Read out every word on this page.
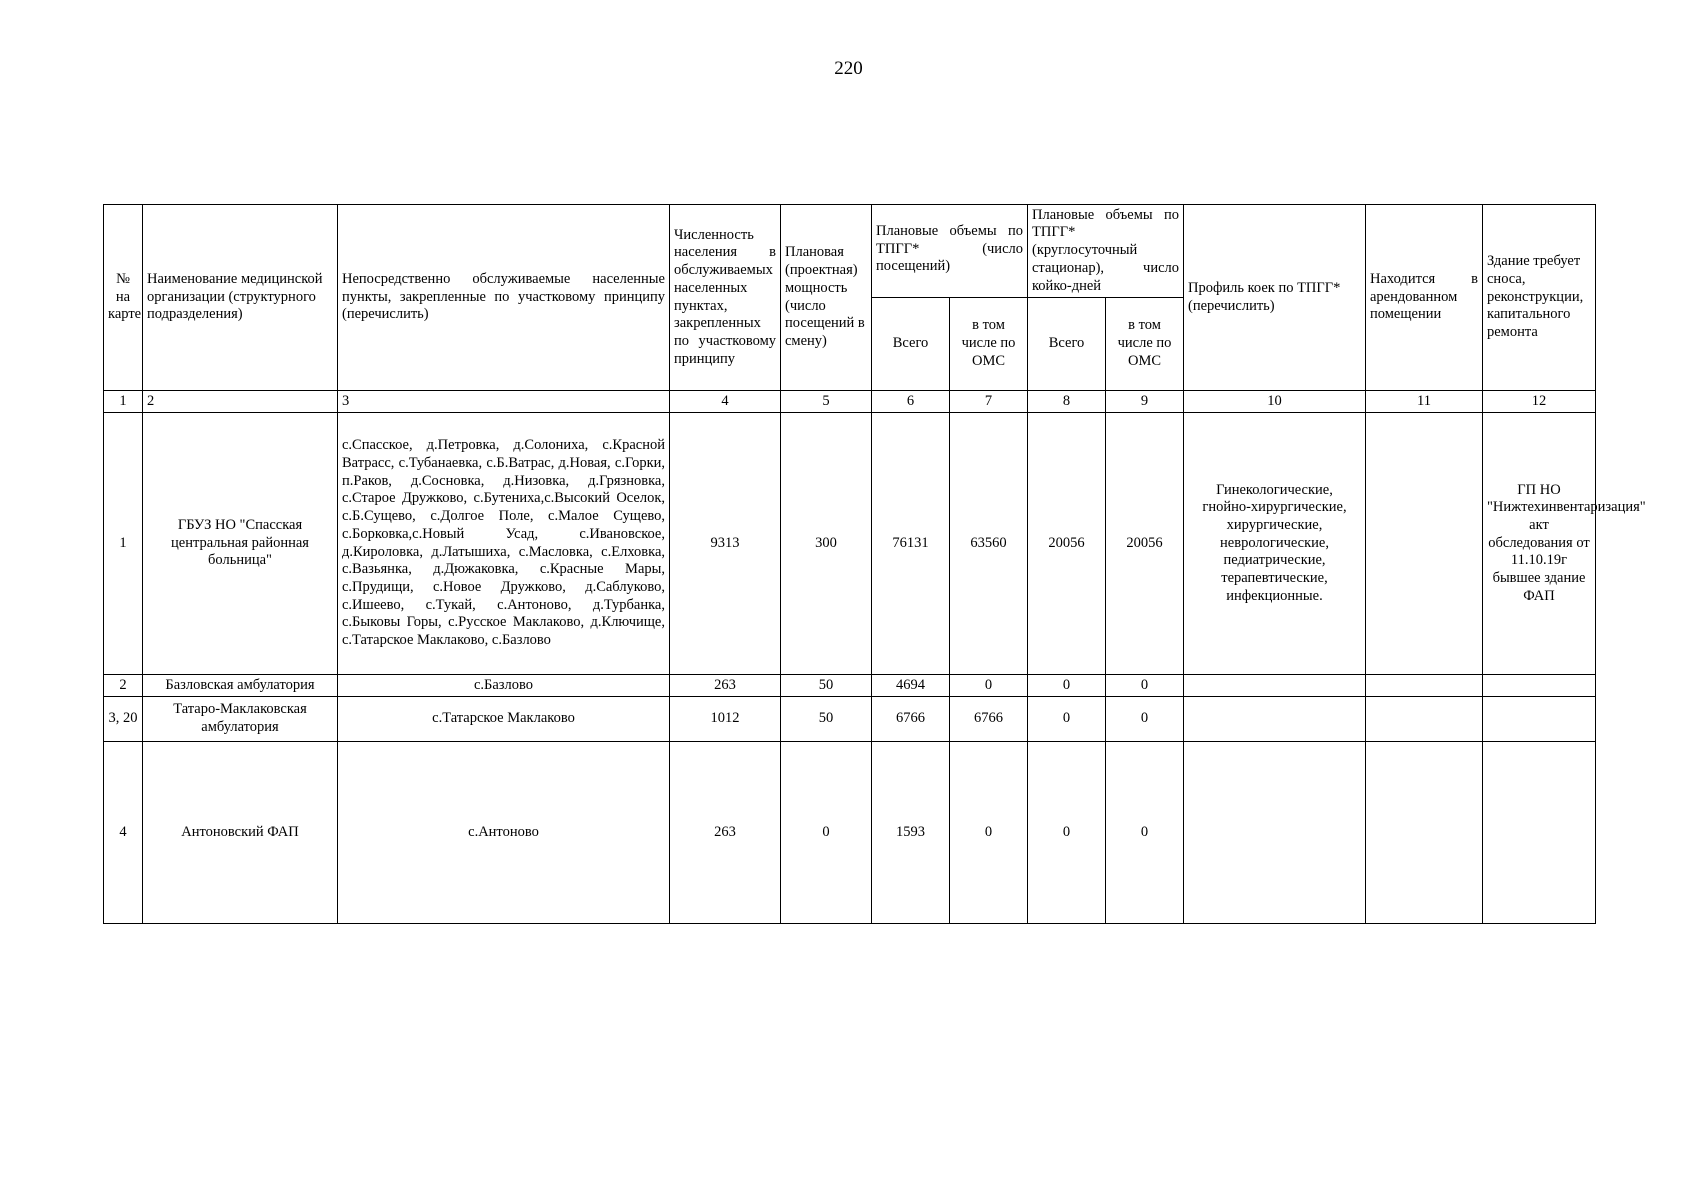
220
№ на карте	Наименование медицинской организации (структурного подразделения)	Непосредственно обслуживаемые населенные пункты, закрепленные по участковому принципу (перечислить)	Численность населения в обслуживаемых населенных пунктах, закрепленных по участковому принципу	Плановая (проектная) мощность (число посещений в смену)	Плановые объемы по ТПГГ* (число посещений)		Плановые объемы по ТПГГ* (круглосуточный стационар), число койко-дней		Профиль коек по ТПГГ* (перечислить)	Находится в арендованном помещении	Здание требует сноса, реконструкции, капитального ремонта
					Всего	в том числе по ОМС	Всего	в том числе по ОМС			
1	2	3	4	5	6	7	8	9	10	11	12
1	ГБУЗ НО "Спасская центральная районная больница"	с.Спасское, д.Петровка, д.Солониха, с.Красной Ватрасс, с.Тубанаевка, с.Б.Ватрас, д.Новая, с.Горки, п.Раков, д.Сосновка, д.Низовка, д.Грязновка, с.Старое Дружково, с.Бутениха,с.Высокий Оселок, с.Б.Сущево, с.Долгое Поле, с.Малое Сущево, с.Борковка,с.Новый Усад, с.Ивановское, д.Кироловка, д.Латышиха, с.Масловка, с.Елховка, с.Вазьянка, д.Дюжаковка, с.Красные Мары, с.Прудищи, с.Новое Дружково, д.Саблуково, с.Ишеево, с.Тукай, с.Антоново, д.Турбанка, с.Быковы Горы, с.Русское Маклаково, д.Ключище, с.Татарское Маклаково, с.Базлово	9313	300	76131	63560	20056	20056	Гинекологические, гнойно-хирургические, хирургические, неврологические, педиатрические, терапевтические, инфекционные.		ГП НО "Нижтехинвентаризация" акт обследования от 11.10.19г бывшее здание ФАП
2	Базловская амбулатория	с.Базлово	263	50	4694	0	0	0			
3, 20	Татаро-Маклаковская амбулатория	с.Татарское Маклаково	1012	50	6766	6766	0	0			
4	Антоновский ФАП	с.Антоново	263	0	1593	0	0	0			
